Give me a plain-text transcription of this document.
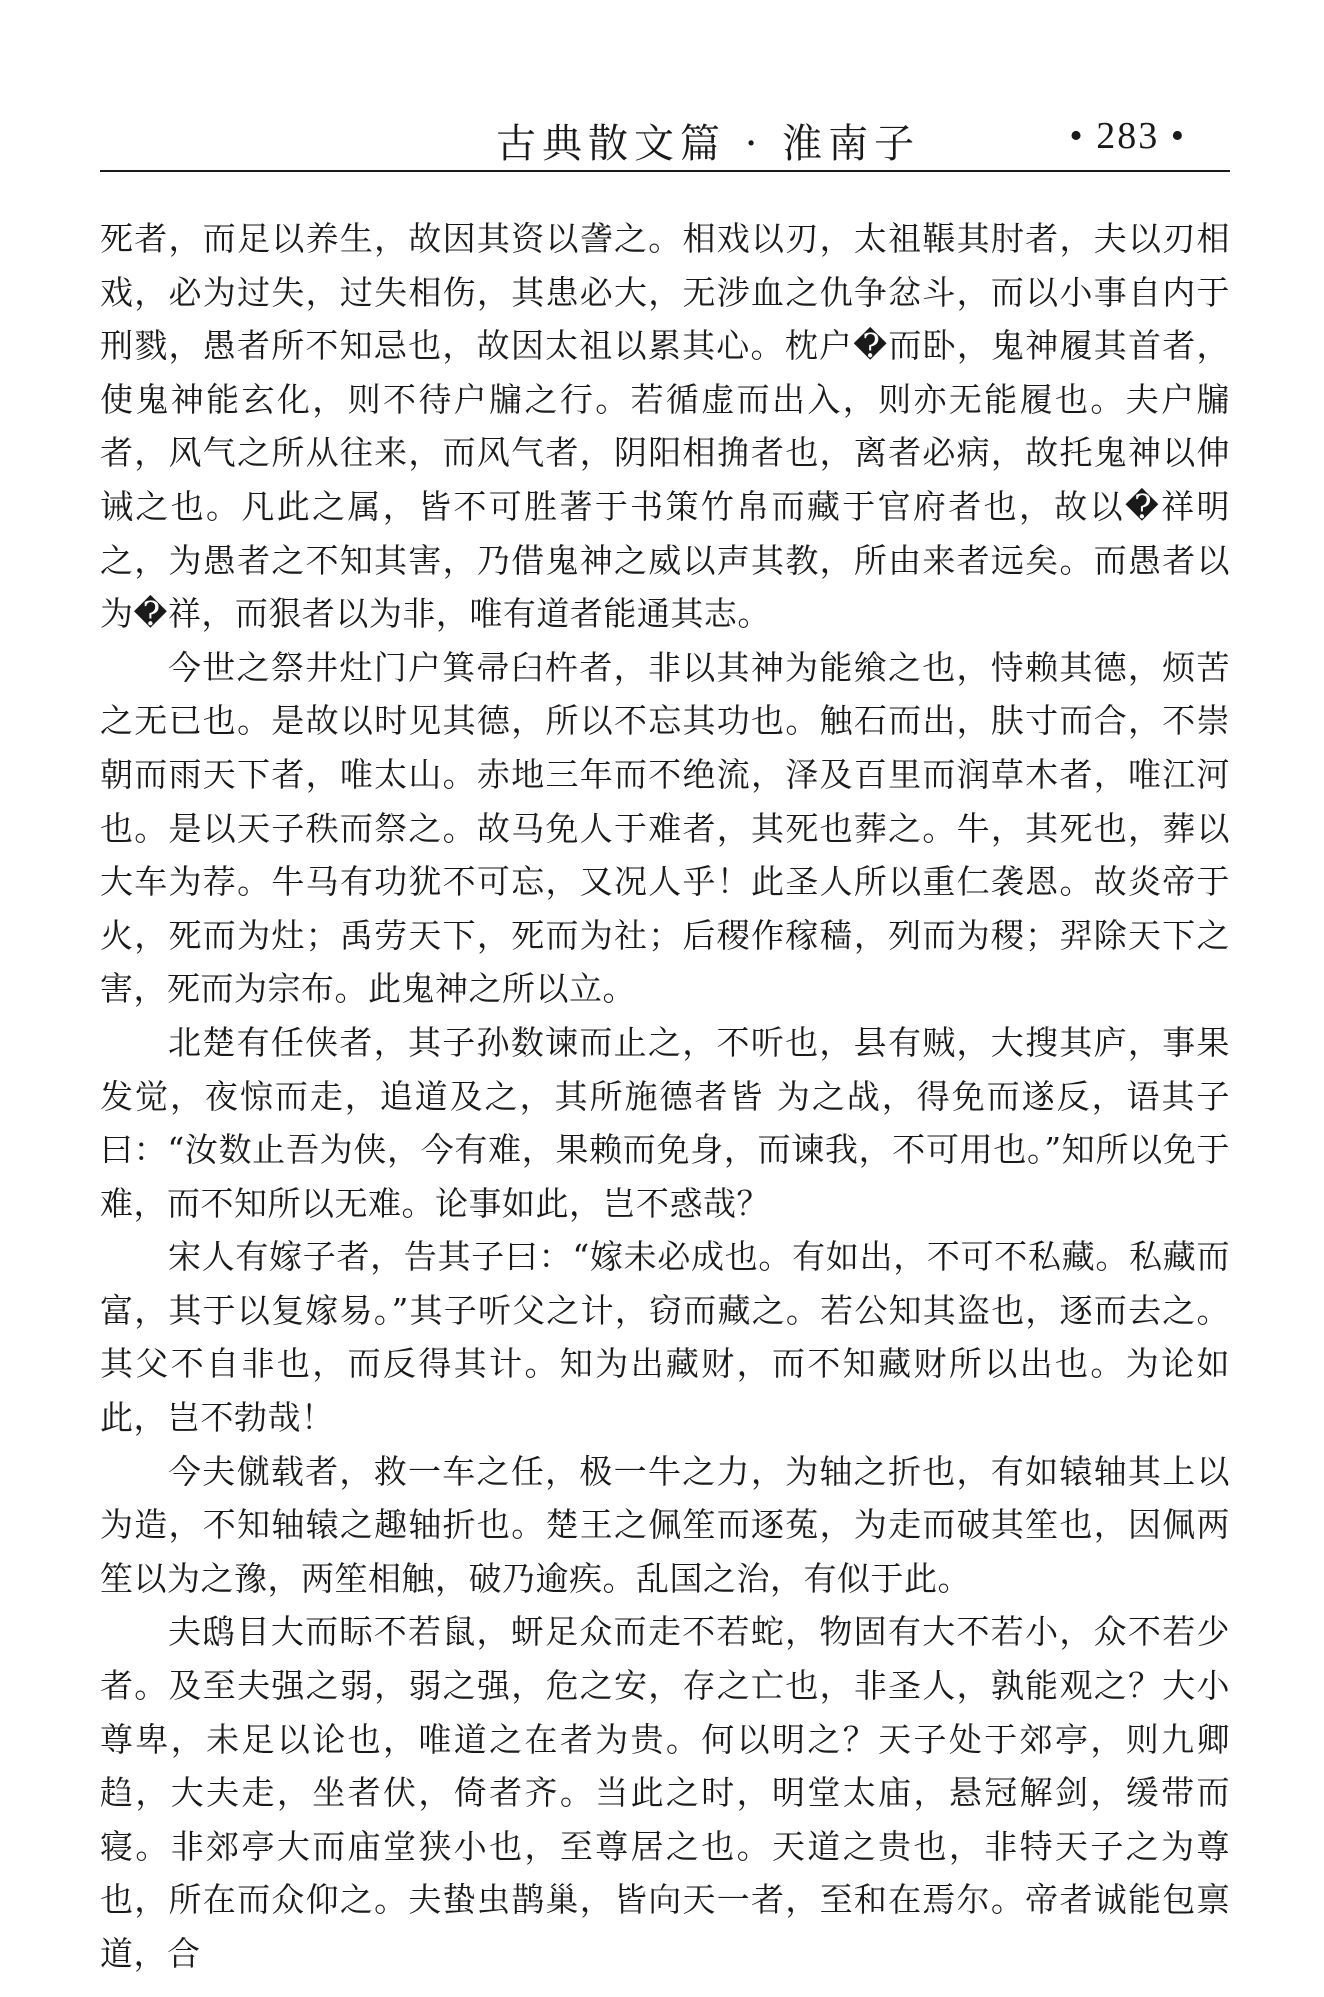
古典散文篇 · 淮南子	• 283 •

死者，而足以养生，故因其资以詟之。相戏以刃，太祖䩨其肘者，夫以刃相戏，必为过失，过失相伤，其患必大，无涉血之仇争忿斗，而以小事自内于刑戮，愚者所不知忌也，故因太祖以累其心。枕户�而卧，鬼神履其首者，使鬼神能玄化，则不待户牖之行。若循虚而出入，则亦无能履也。夫户牖者，风气之所从往来，而风气者，阴阳相捔者也，离者必病，故托鬼神以伸诫之也。凡此之属，皆不可胜著于书策竹帛而藏于官府者也，故以�祥明之，为愚者之不知其害，乃借鬼神之威以声其教，所由来者远矣。而愚者以为�祥，而狠者以为非，唯有道者能通其志。

今世之祭井灶门户箕帚臼杵者，非以其神为能飨之也，恃赖其德，烦苦之无已也。是故以时见其德，所以不忘其功也。触石而出，肤寸而合，不崇朝而雨天下者，唯太山。赤地三年而不绝流，泽及百里而润草木者，唯江河也。是以天子秩而祭之。故马免人于难者，其死也葬之。牛，其死也，葬以大车为荐。牛马有功犹不可忘，又况人乎！此圣人所以重仁袭恩。故炎帝于火，死而为灶；禹劳天下，死而为社；后稷作稼穑，列而为稷；羿除天下之害，死而为宗布。此鬼神之所以立。

北楚有任侠者，其子孙数谏而止之，不听也，县有贼，大搜其庐，事果发觉，夜惊而走，追道及之，其所施德者皆 为之战，得免而遂反，语其子曰：“汝数止吾为侠，今有难，果赖而免身，而谏我，不可用也。”知所以免于难，而不知所以无难。论事如此，岂不惑哉？

宋人有嫁子者，告其子曰：“嫁未必成也。有如出，不可不私藏。私藏而富，其于以复嫁易。”其子听父之计，窃而藏之。若公知其盗也，逐而去之。其父不自非也，而反得其计。知为出藏财，而不知藏财所以出也。为论如此，岂不勃哉！

今夫僦载者，救一车之任，极一牛之力，为轴之折也，有如辕轴其上以为造，不知轴辕之趣轴折也。楚王之佩笙而逐菟，为走而破其笙也，因佩两笙以为之豫，两笙相触，破乃逾疾。乱国之治，有似于此。

夫鸱目大而眎不若鼠，蚈足众而走不若蛇，物固有大不若小，众不若少者。及至夫强之弱，弱之强，危之安，存之亡也，非圣人，孰能观之？大小尊卑，未足以论也，唯道之在者为贵。何以明之？天子处于郊亭，则九卿趋，大夫走，坐者伏，倚者齐。当此之时，明堂太庙，悬冠解剑，缓带而寝。非郊亭大而庙堂狭小也，至尊居之也。天道之贵也，非特天子之为尊也，所在而众仰之。夫蛰虫鹊巢，皆向天一者，至和在焉尔。帝者诚能包禀道，合
